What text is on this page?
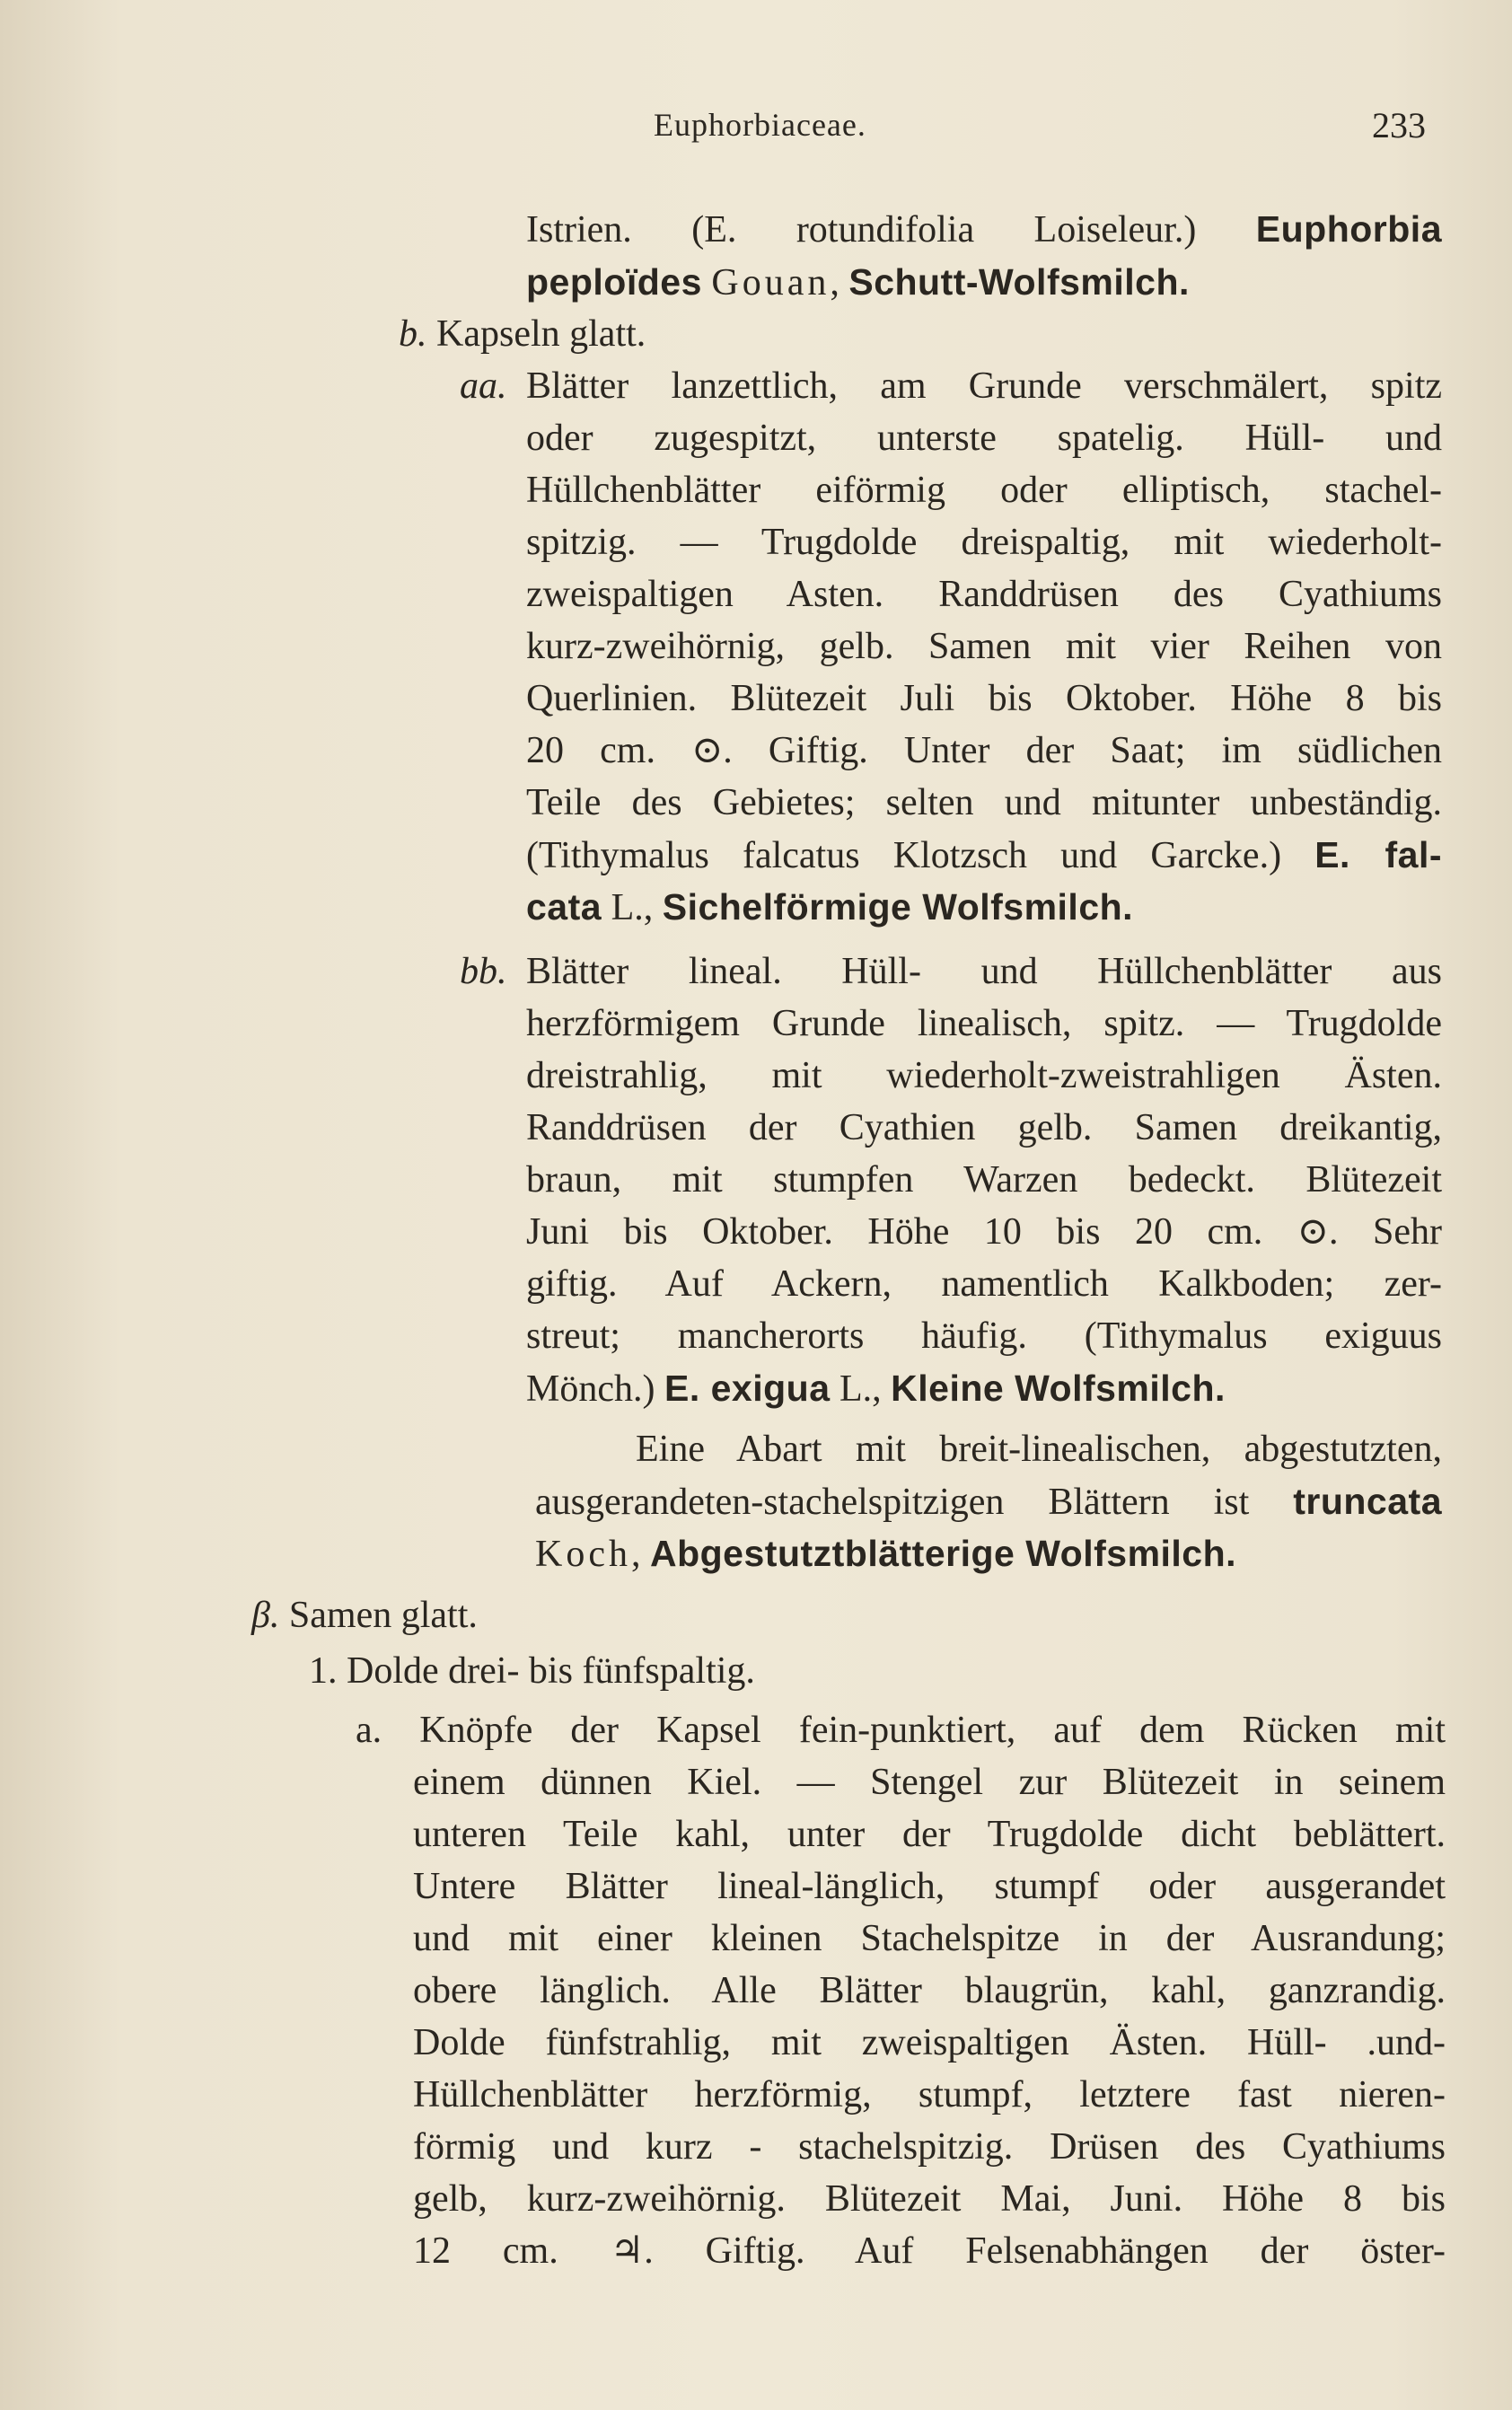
Euphorbiaceae.	233
Istrien. (E. rotundifolia Loiseleur.) Euphorbia
peploïdes Gouan, Schutt-Wolfsmilch.
b. Kapseln glatt.
aa. Blätter lanzettlich, am Grunde verschmälert, spitz
oder zugespitzt, unterste spatelig. Hüll- und
Hüllchenblätter eiförmig oder elliptisch, stachel-
spitzig. — Trugdolde dreispaltig, mit wiederholt-
zweispaltigen Asten. Randdrüsen des Cyathiums
kurz-zweihörnig, gelb. Samen mit vier Reihen von
Querlinien. Blütezeit Juli bis Oktober. Höhe 8 bis
20 cm. ⊙. Giftig. Unter der Saat; im südlichen
Teile des Gebietes; selten und mitunter unbeständig.
(Tithymalus falcatus Klotzsch und Garcke.) E. fal-
cata L., Sichelförmige Wolfsmilch.
bb. Blätter lineal. Hüll- und Hüllchenblätter aus
herzförmigem Grunde linealisch, spitz. — Trugdolde
dreistrahlig, mit wiederholt-zweistrahligen Ästen.
Randdrüsen der Cyathien gelb. Samen dreikantig,
braun, mit stumpfen Warzen bedeckt. Blütezeit
Juni bis Oktober. Höhe 10 bis 20 cm. ⊙. Sehr
giftig. Auf Ackern, namentlich Kalkboden; zer-
streut; mancherorts häufig. (Tithymalus exiguus
Mönch.) E. exigua L., Kleine Wolfsmilch.
Eine Abart mit breit-linealischen, abgestutzten,
ausgerandeten-stachelspitzigen Blättern ist truncata
Koch, Abgestutztblätterige Wolfsmilch.
β. Samen glatt.
1. Dolde drei- bis fünfspaltig.
a. Knöpfe der Kapsel fein-punktiert, auf dem Rücken mit
einem dünnen Kiel. — Stengel zur Blütezeit in seinem
unteren Teile kahl, unter der Trugdolde dicht beblättert.
Untere Blätter lineal-länglich, stumpf oder ausgerandet
und mit einer kleinen Stachelspitze in der Ausrandung;
obere länglich. Alle Blätter blaugrün, kahl, ganzrandig.
Dolde fünfstrahlig, mit zweispaltigen Ästen. Hüll- .und-
Hüllchenblätter herzförmig, stumpf, letztere fast nieren-
förmig und kurz - stachelspitzig. Drüsen des Cyathiums
gelb, kurz-zweihörnig. Blütezeit Mai, Juni. Höhe 8 bis
12 cm. ♃. Giftig. Auf Felsenabhängen der öster-
